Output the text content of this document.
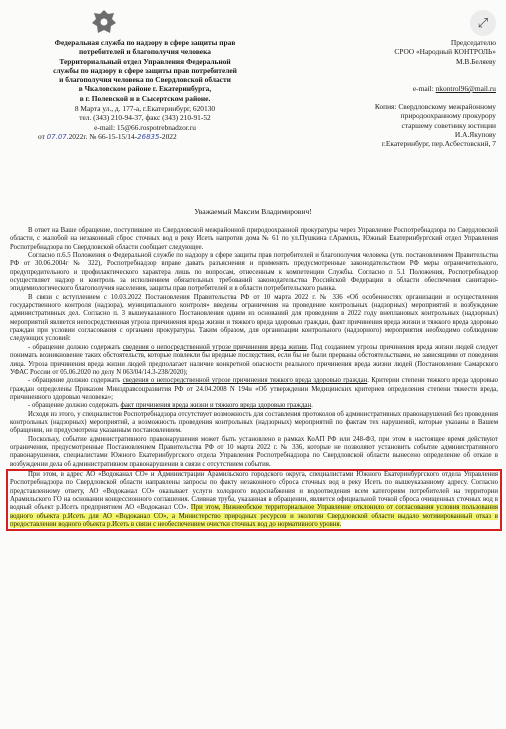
⤢
Федеральная служба по надзору в сфере защиты прав
потребителей и благополучия человека
Территориальный отдел Управления Федеральной
службы по надзору в сфере защиты прав потребителей
и благополучия человека по Свердловской области
в Чкаловском районе г. Екатеринбурга,
в г. Полевской и в Сысертском районе.
8 Марта ул., д. 177-а, г.Екатеринбург, 620130
тел. (343) 210-94-37, факс (343) 210-91-52
e-mail: 15@66.rospotrebnadzor.ru
от 07.07.2022г. № 66-15-15/14-26835-2022
Председателю
СРОО «Народный КОНТРОЛЬ»
М.В.Беляеву
e-mail: nkontrol96@mail.ru
Копия: Свердловскому межрайонному
природоохранному прокурору
старшему советнику юстиции
И.А.Якупову
г.Екатеринбург, пер.Асбестовский, 7
Уважаемый Максим Владимирович!

В ответ на Ваше обращение, поступившее из Свердловской межрайонной природоохранной прокуратуры через Управление Роспотребнадзора по Свердловской области, с жалобой на незаконный сброс сточных вод в реку Исеть напротив дома № 61 по ул.Пушкина г.Арамиль, Южный Екатеринбургский отдел Управления Роспотребнадзора по Свердловской области сообщает следующее.

Согласно п.6.5 Положения о Федеральной службе по надзору в сфере защиты прав потребителей и благополучия человека (утв. постановлением Правительства РФ от 30.06.2004г № 322), Роспотребнадзор вправе давать разъяснения и применять предусмотренные законодательством РФ меры ограничительного, предупредительного и профилактического характера лишь по вопросам, отнесенным к компетенции Службы. Согласно п 5.1 Положения, Роспотребнадзор осуществляет надзор и контроль за исполнением обязательных требований законодательства Российской Федерации в области обеспечения санитарно-эпидемиологического благополучия населения, защиты прав потребителей и в области потребительского рынка.

В связи с вступлением с 10.03.2022 Постановления Правительства РФ от 10 марта 2022 г. № 336 «Об особенностях организации и осуществления государственного контроля (надзора), муниципального контроля» введены ограничения на проведение контрольных (надзорных) мероприятий и возбуждение административных дел. Согласно п. 3 вышеуказанного Постановления одним из оснований для проведения в 2022 году внеплановых контрольных (надзорных) мероприятий является непосредственная угроза причинения вреда жизни и тяжкого вреда здоровью граждан, факт причинения вреда жизни и тяжкого вреда здоровью граждан при условии согласования с органами прокуратуры. Таким образом, для организации контрольного (надзорного) мероприятия необходимо соблюдение следующих условий:

- обращение должно содержать сведения о непосредственной угрозе причинения вреда жизни. Под созданием угрозы причинения вреда жизни людей следует понимать возникновение таких обстоятельств, которые повлекли бы вредные последствия, если бы не были прерваны обстоятельствами, не зависящими от поведения лица. Угроза причинения вреда жизни людей предполагает наличие конкретной опасности реального причинения вреда жизни людей (Постановление Самарского УФАС России от 05.06.2020 по делу N 063/04/14.3-238/2020);

- обращение должно содержать сведения о непосредственной угрозе причинения тяжкого вреда здоровью граждан. Критерии степени тяжкого вреда здоровью граждан определены Приказом Минздравсоцразвития РФ от 24.04.2008 N 194н «Об утверждении Медицинских критериев определения степени тяжести вреда, причиненного здоровью человека»;

- обращение должно содержать факт причинения вреда жизни и тяжкого вреда здоровью граждан.

Исходя из этого, у специалистов Роспотребнадзора отсутствует возможность для составления протоколов об административных правонарушений без проведения контрольных (надзорных) мероприятий, а возможность проведения контрольных (надзорных) мероприятий по фактам тех нарушений, которые указаны в Вашем обращении, не предусмотрена указанным постановлением.

Поскольку, событие административного правонарушения может быть установлено в рамках КоАП РФ или 248-ФЗ, при этом в настоящее время действуют ограничения, предусмотренные Постановлением Правительства РФ от 10 марта 2022 г. № 336, которые не позволяют установить событие административного правонарушения, специалистами Южного Екатеринбургского отдела Управления Роспотребнадзора по Свердловской области вынесено определение об отказе в возбуждении дела об административном правонарушении в связи с отсутствием события.

При этом, в адрес АО «Водоканал СО» и Администрации Арамильского городского округа, специалистами Южного Екатеринбургского отдела Управления Роспотребнадзора по Свердловской области направлены запросы по факту незаконного сброса сточных вод в реку Исеть по вышеуказанному адресу. Согласно представленному ответу, АО «Водоканал СО» оказывает услуги холодного водоснабжения и водоотведения всем категориям потребителей на территории Арамильского ГО на основании концессионного соглашения. Сливная труба, указанная в обращении, является официальной точкой сброса очищенных сточных вод в водный объект р.Исеть предприятием АО «Водоканал СО». При этом, Нижнеобское территориальное Управление отклонило от согласования условия пользования водного объекта р.Исеть для АО «Водоканал СО», а Министерство природных ресурсов и экологии Свердловской области выдало мотивированный отказ в предоставлении водного объекта р.Исеть в связи с необеспечением очистки сточных вод до нормативного уровня.
